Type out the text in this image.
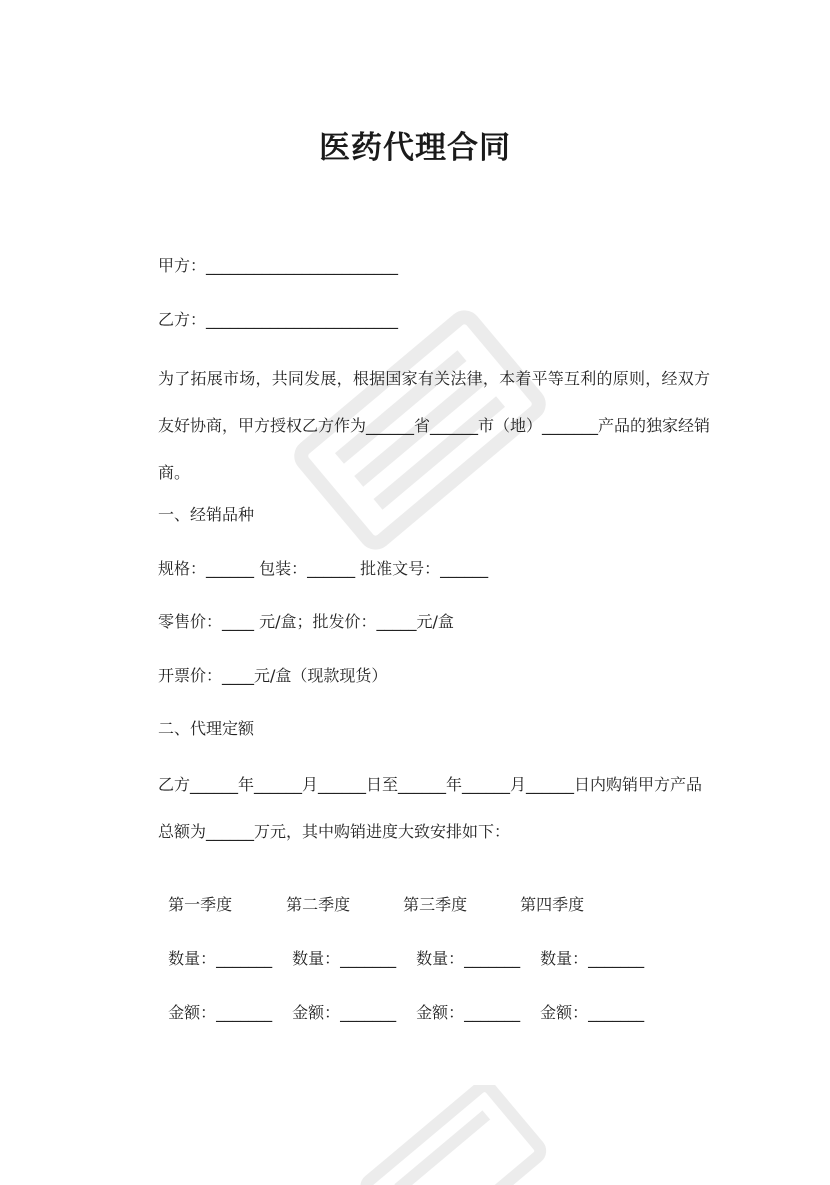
医药代理合同
甲方：________________________
乙方：________________________
为了拓展市场，共同发展，根据国家有关法律，本着平等互利的原则，经双方友好协商，甲方授权乙方作为______省______市（地）_______产品的独家经销商。
一、经销品种
规格：______ 包装：______ 批准文号：______
零售价：____ 元/盒；批发价：_____元/盒
开票价：____元/盒（现款现货）
二、代理定额
乙方______年______月______日至______年______月______日内购销甲方产品总额为______万元，其中购销进度大致安排如下：

第一季度	第二季度	第三季度	第四季度

数量：_______ 数量：_______ 数量：_______ 数量：_______

金额：_______ 金额：_______ 金额：_______ 金额：_______
